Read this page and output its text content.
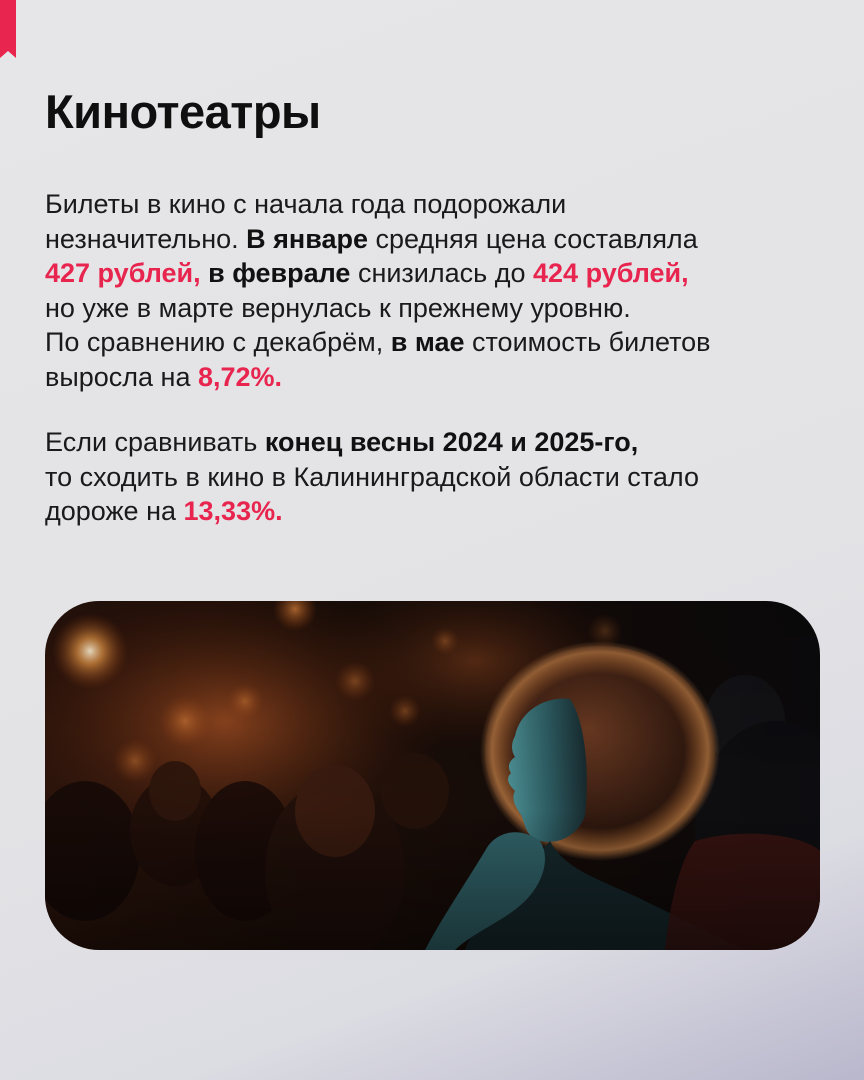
Кинотеатры

Билеты в кино с начала года подорожали
незначительно. В январе средняя цена составляла
427 рублей, в феврале снизилась до 424 рублей,
но уже в марте вернулась к прежнему уровню.
По сравнению с декабрём, в мае стоимость билетов
выросла на 8,72%.

Если сравнивать конец весны 2024 и 2025-го,
то сходить в кино в Калининградской области стало
дороже на 13,33%.
